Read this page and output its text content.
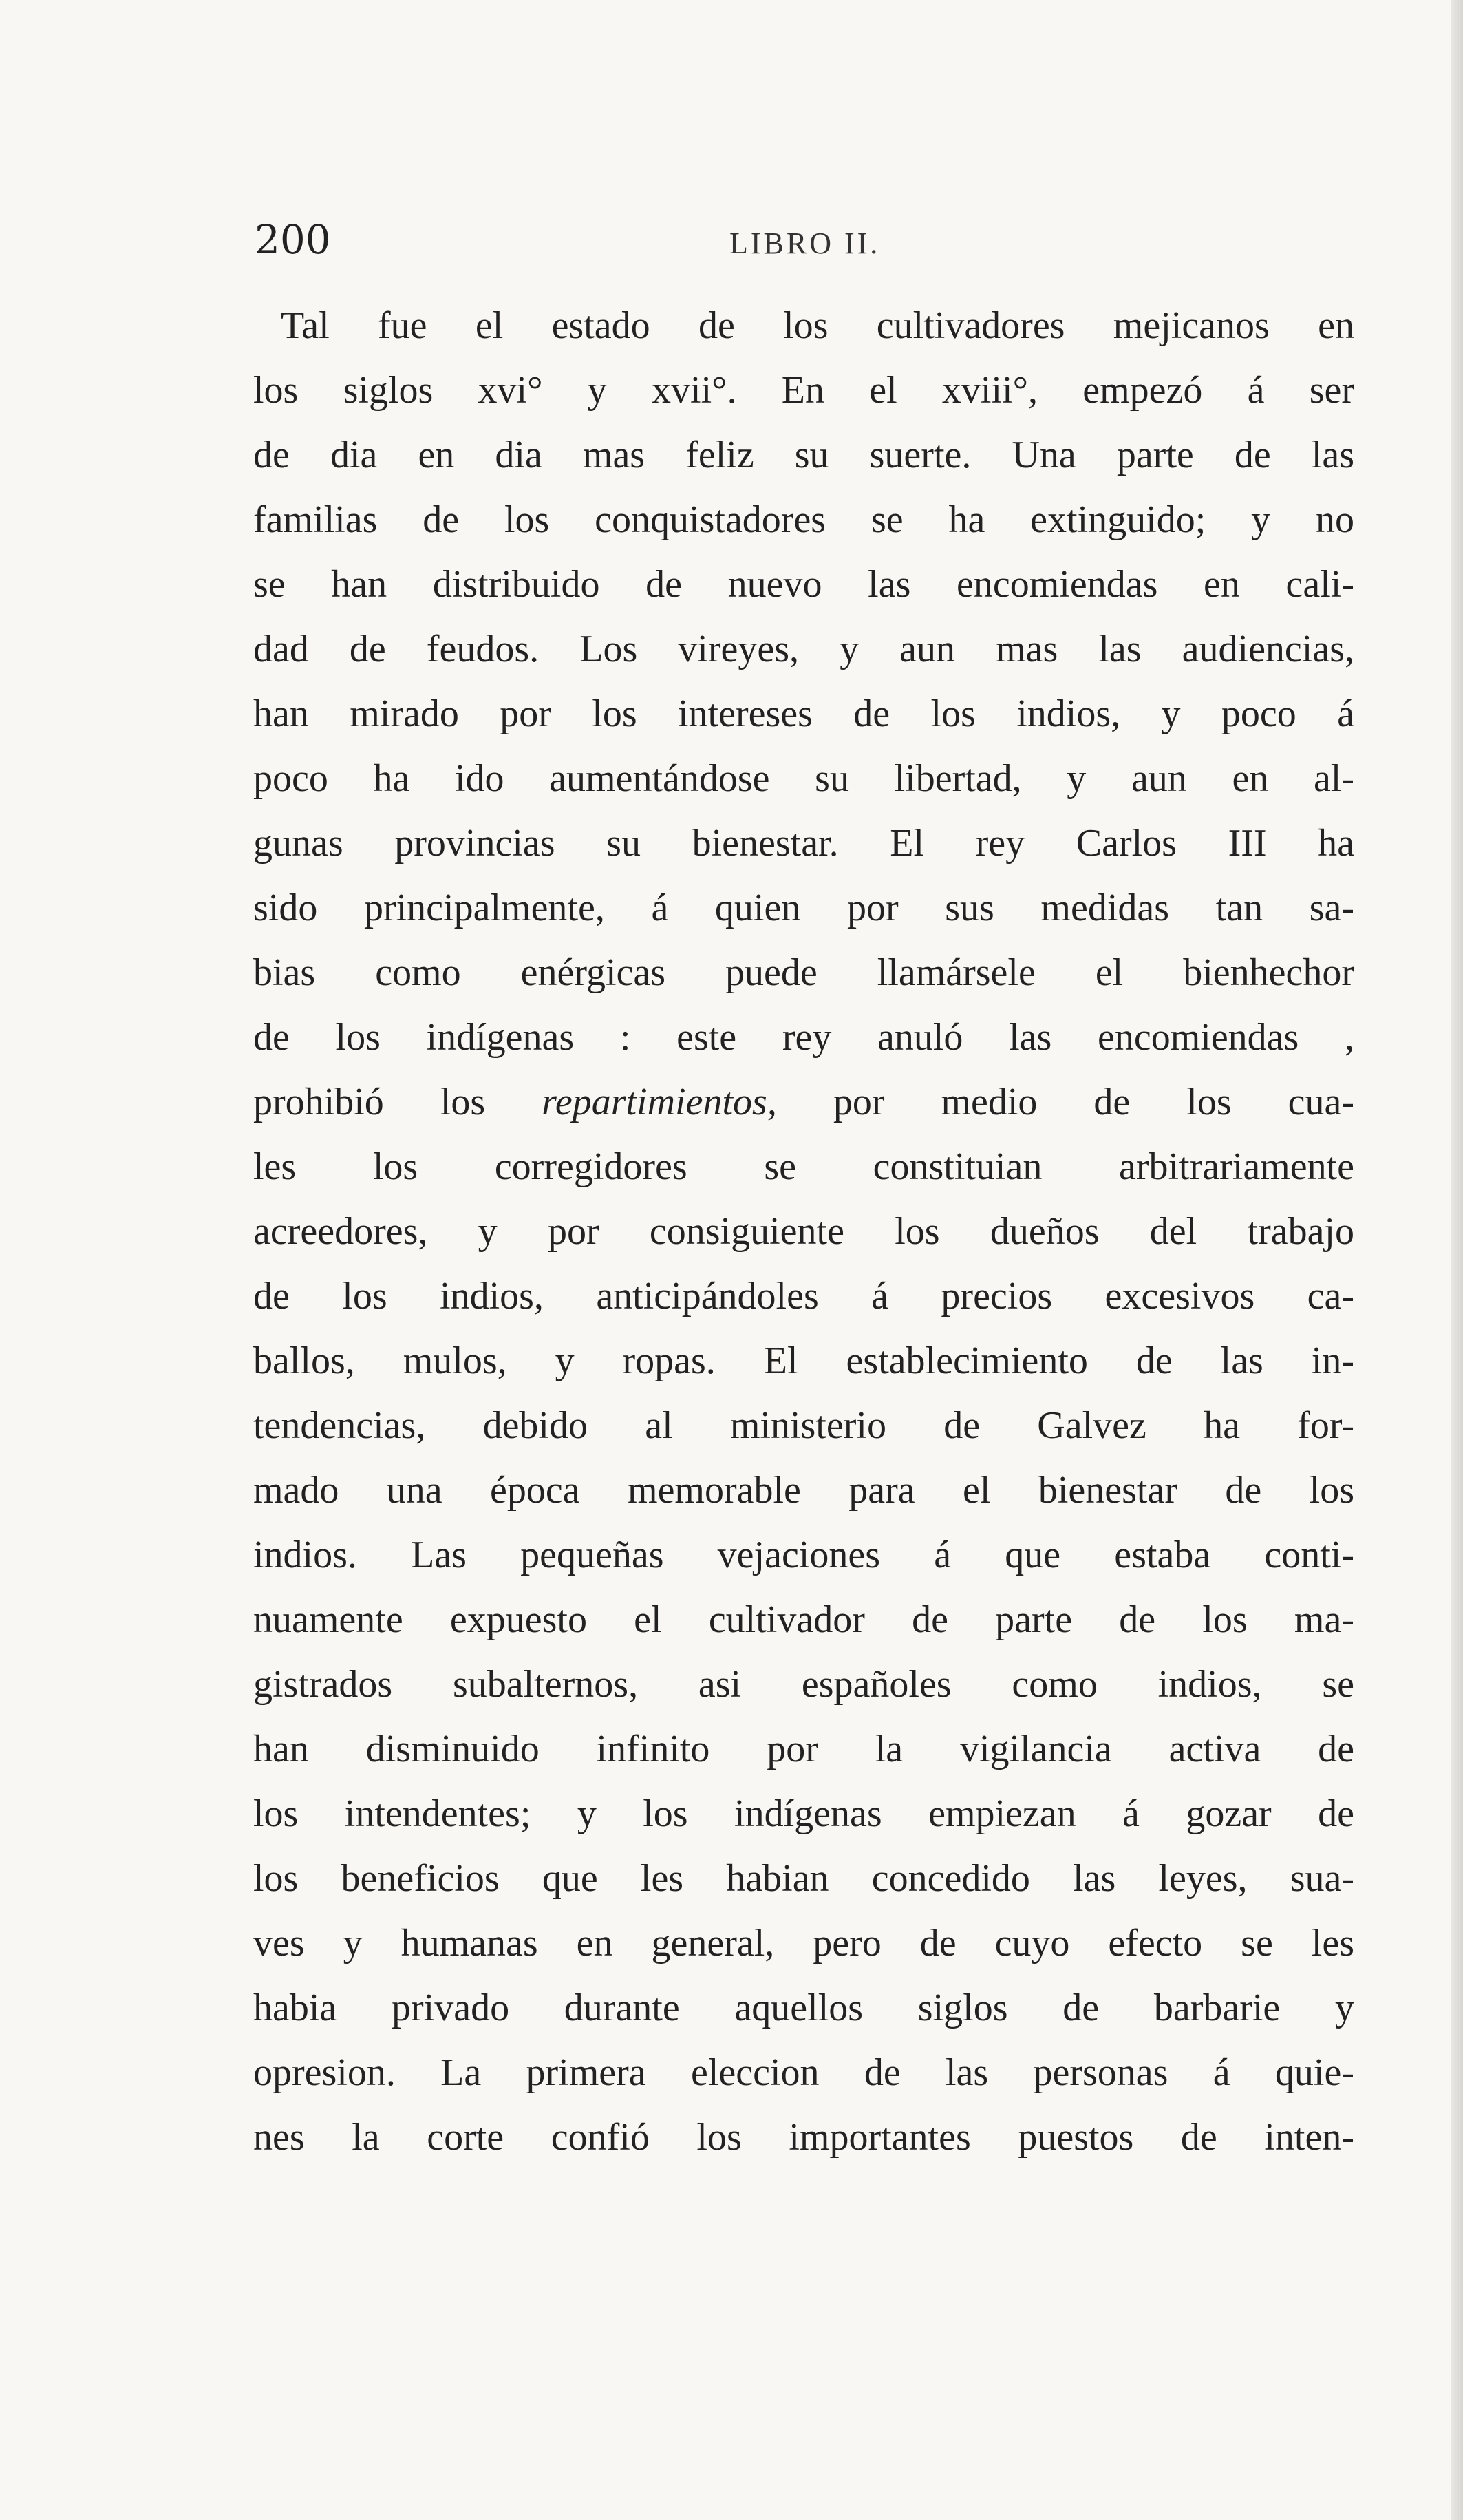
200	LIBRO II.
Tal fue el estado de los cultivadores mejicanos en
los siglos xvi° y xvii°. En el xviii°, empezó á ser
de dia en dia mas feliz su suerte. Una parte de las
familias de los conquistadores se ha extinguido; y no
se han distribuido de nuevo las encomiendas en cali-
dad de feudos. Los vireyes, y aun mas las audiencias,
han mirado por los intereses de los indios, y poco á
poco ha ido aumentándose su libertad, y aun en al-
gunas provincias su bienestar. El rey Carlos III ha
sido principalmente, á quien por sus medidas tan sa-
bias como enérgicas puede llamársele el bienhechor
de los indígenas : este rey anuló las encomiendas ,
prohibió los repartimientos, por medio de los cua-
les los corregidores se constituian arbitrariamente
acreedores, y por consiguiente los dueños del trabajo
de los indios, anticipándoles á precios excesivos ca-
ballos, mulos, y ropas. El establecimiento de las in-
tendencias, debido al ministerio de Galvez ha for-
mado una época memorable para el bienestar de los
indios. Las pequeñas vejaciones á que estaba conti-
nuamente expuesto el cultivador de parte de los ma-
gistrados subalternos, asi españoles como indios, se
han disminuido infinito por la vigilancia activa de
los intendentes; y los indígenas empiezan á gozar de
los beneficios que les habian concedido las leyes, sua-
ves y humanas en general, pero de cuyo efecto se les
habia privado durante aquellos siglos de barbarie y
opresion. La primera eleccion de las personas á quie-
nes la corte confió los importantes puestos de inten-
